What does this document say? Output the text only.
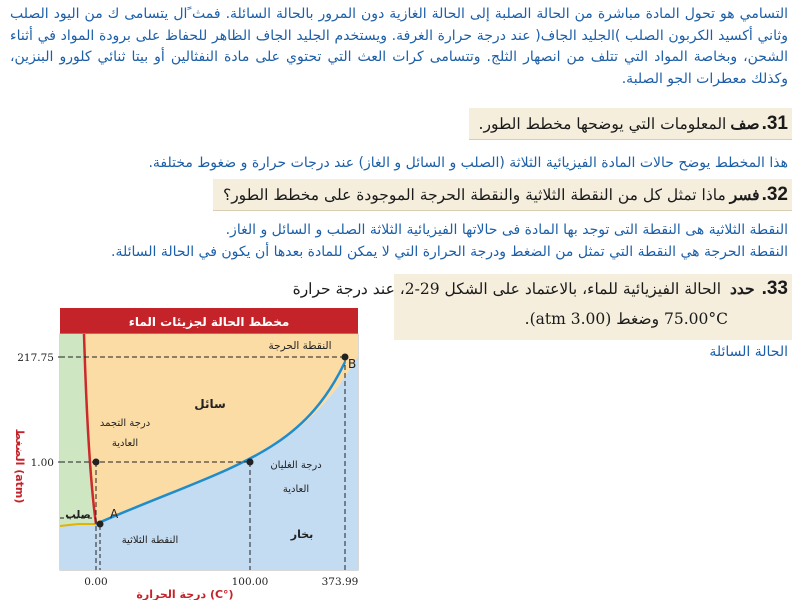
التسامي هو تحول المادة مباشرة من الحالة الصلبة إلى الحالة الغازية دون المرور بالحالة السائلة. فمث ًال يتسامى ك من اليود الصلب وثاني أكسيد الكربون الصلب )الجليد الجاف( عند درجة حرارة الغرفة. ويستخدم الجليد الجاف الظاهر للحفاظ على برودة المواد في أثناء الشحن، وبخاصة المواد التي تتلف من انصهار الثلج. وتتسامى كرات العث التي تحتوي على مادة النفثالين أو بيتا ثنائي كلورو البنزين، وكذلك معطرات الجو الصلبة.
31.
صف
المعلومات التي يوضحها مخطط الطور.
هذا المخطط يوضح حالات المادة الفيزيائية الثلاثة (الصلب و السائل و الغاز) عند درجات حرارة و ضغوط مختلفة.
32.
فسر
ماذا تمثل كل من النقطة الثلاثية والنقطة الحرجة الموجودة على مخطط الطور؟
النقطة الثلاثية هى النقطة التى توجد بها المادة فى حالاتها الفيزيائية الثلاثة الصلب و السائل و الغاز.
النقطة الحرجة هي النقطة التي تمثل من الضغط ودرجة الحرارة التي لا يمكن للمادة بعدها أن يكون في الحالة السائلة.
33. حدد الحالة الفيزيائية للماء، بالاعتماد على الشكل 29-2، عند درجة حرارة
75.00°C وضغط (3.00 atm).
الحالة السائلة
مخطط الحالة لجزيئات الماء
النقطة الحرجة
سائل
درجة التجمد
العادية
درجة الغليان
العادية
صلب
بخار
النقطة الثلاثية
A
B
217.75
1.00
0.00	100.00	373.99
درجة الحرارة (C°)
الضغط (atm)
